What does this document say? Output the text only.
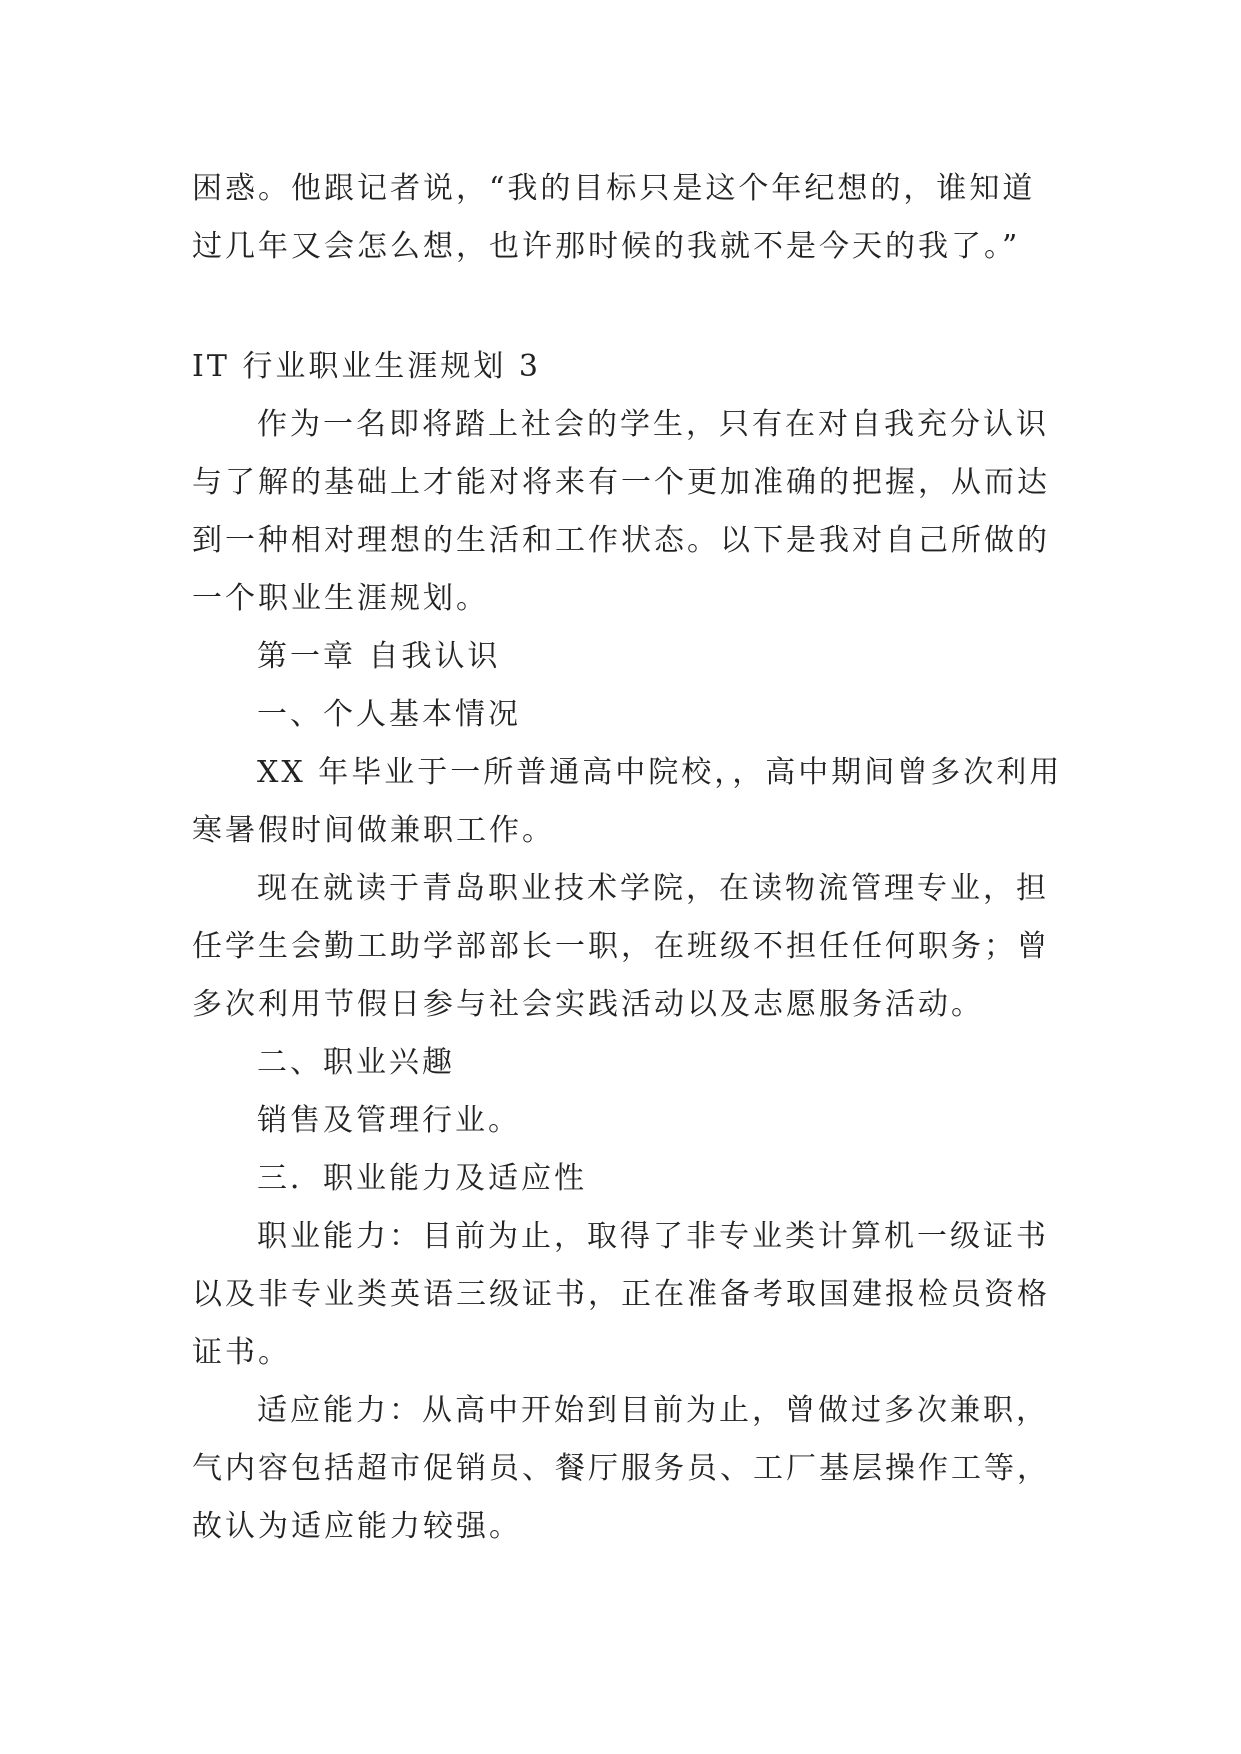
困惑。他跟记者说，“我的目标只是这个年纪想的，谁知道
过几年又会怎么想，也许那时候的我就不是今天的我了。”
IT 行业职业生涯规划 3
作为一名即将踏上社会的学生，只有在对自我充分认识
与了解的基础上才能对将来有一个更加准确的把握，从而达
到一种相对理想的生活和工作状态。以下是我对自己所做的
一个职业生涯规划。
第一章 自我认识
一、个人基本情况
XX 年毕业于一所普通高中院校，，高中期间曾多次利用
寒暑假时间做兼职工作。
现在就读于青岛职业技术学院，在读物流管理专业，担
任学生会勤工助学部部长一职，在班级不担任任何职务；曾
多次利用节假日参与社会实践活动以及志愿服务活动。
二、职业兴趣
销售及管理行业。
三．职业能力及适应性
职业能力：目前为止，取得了非专业类计算机一级证书
以及非专业类英语三级证书，正在准备考取国建报检员资格
证书。
适应能力：从高中开始到目前为止，曾做过多次兼职，
气内容包括超市促销员、餐厅服务员、工厂基层操作工等，
故认为适应能力较强。
